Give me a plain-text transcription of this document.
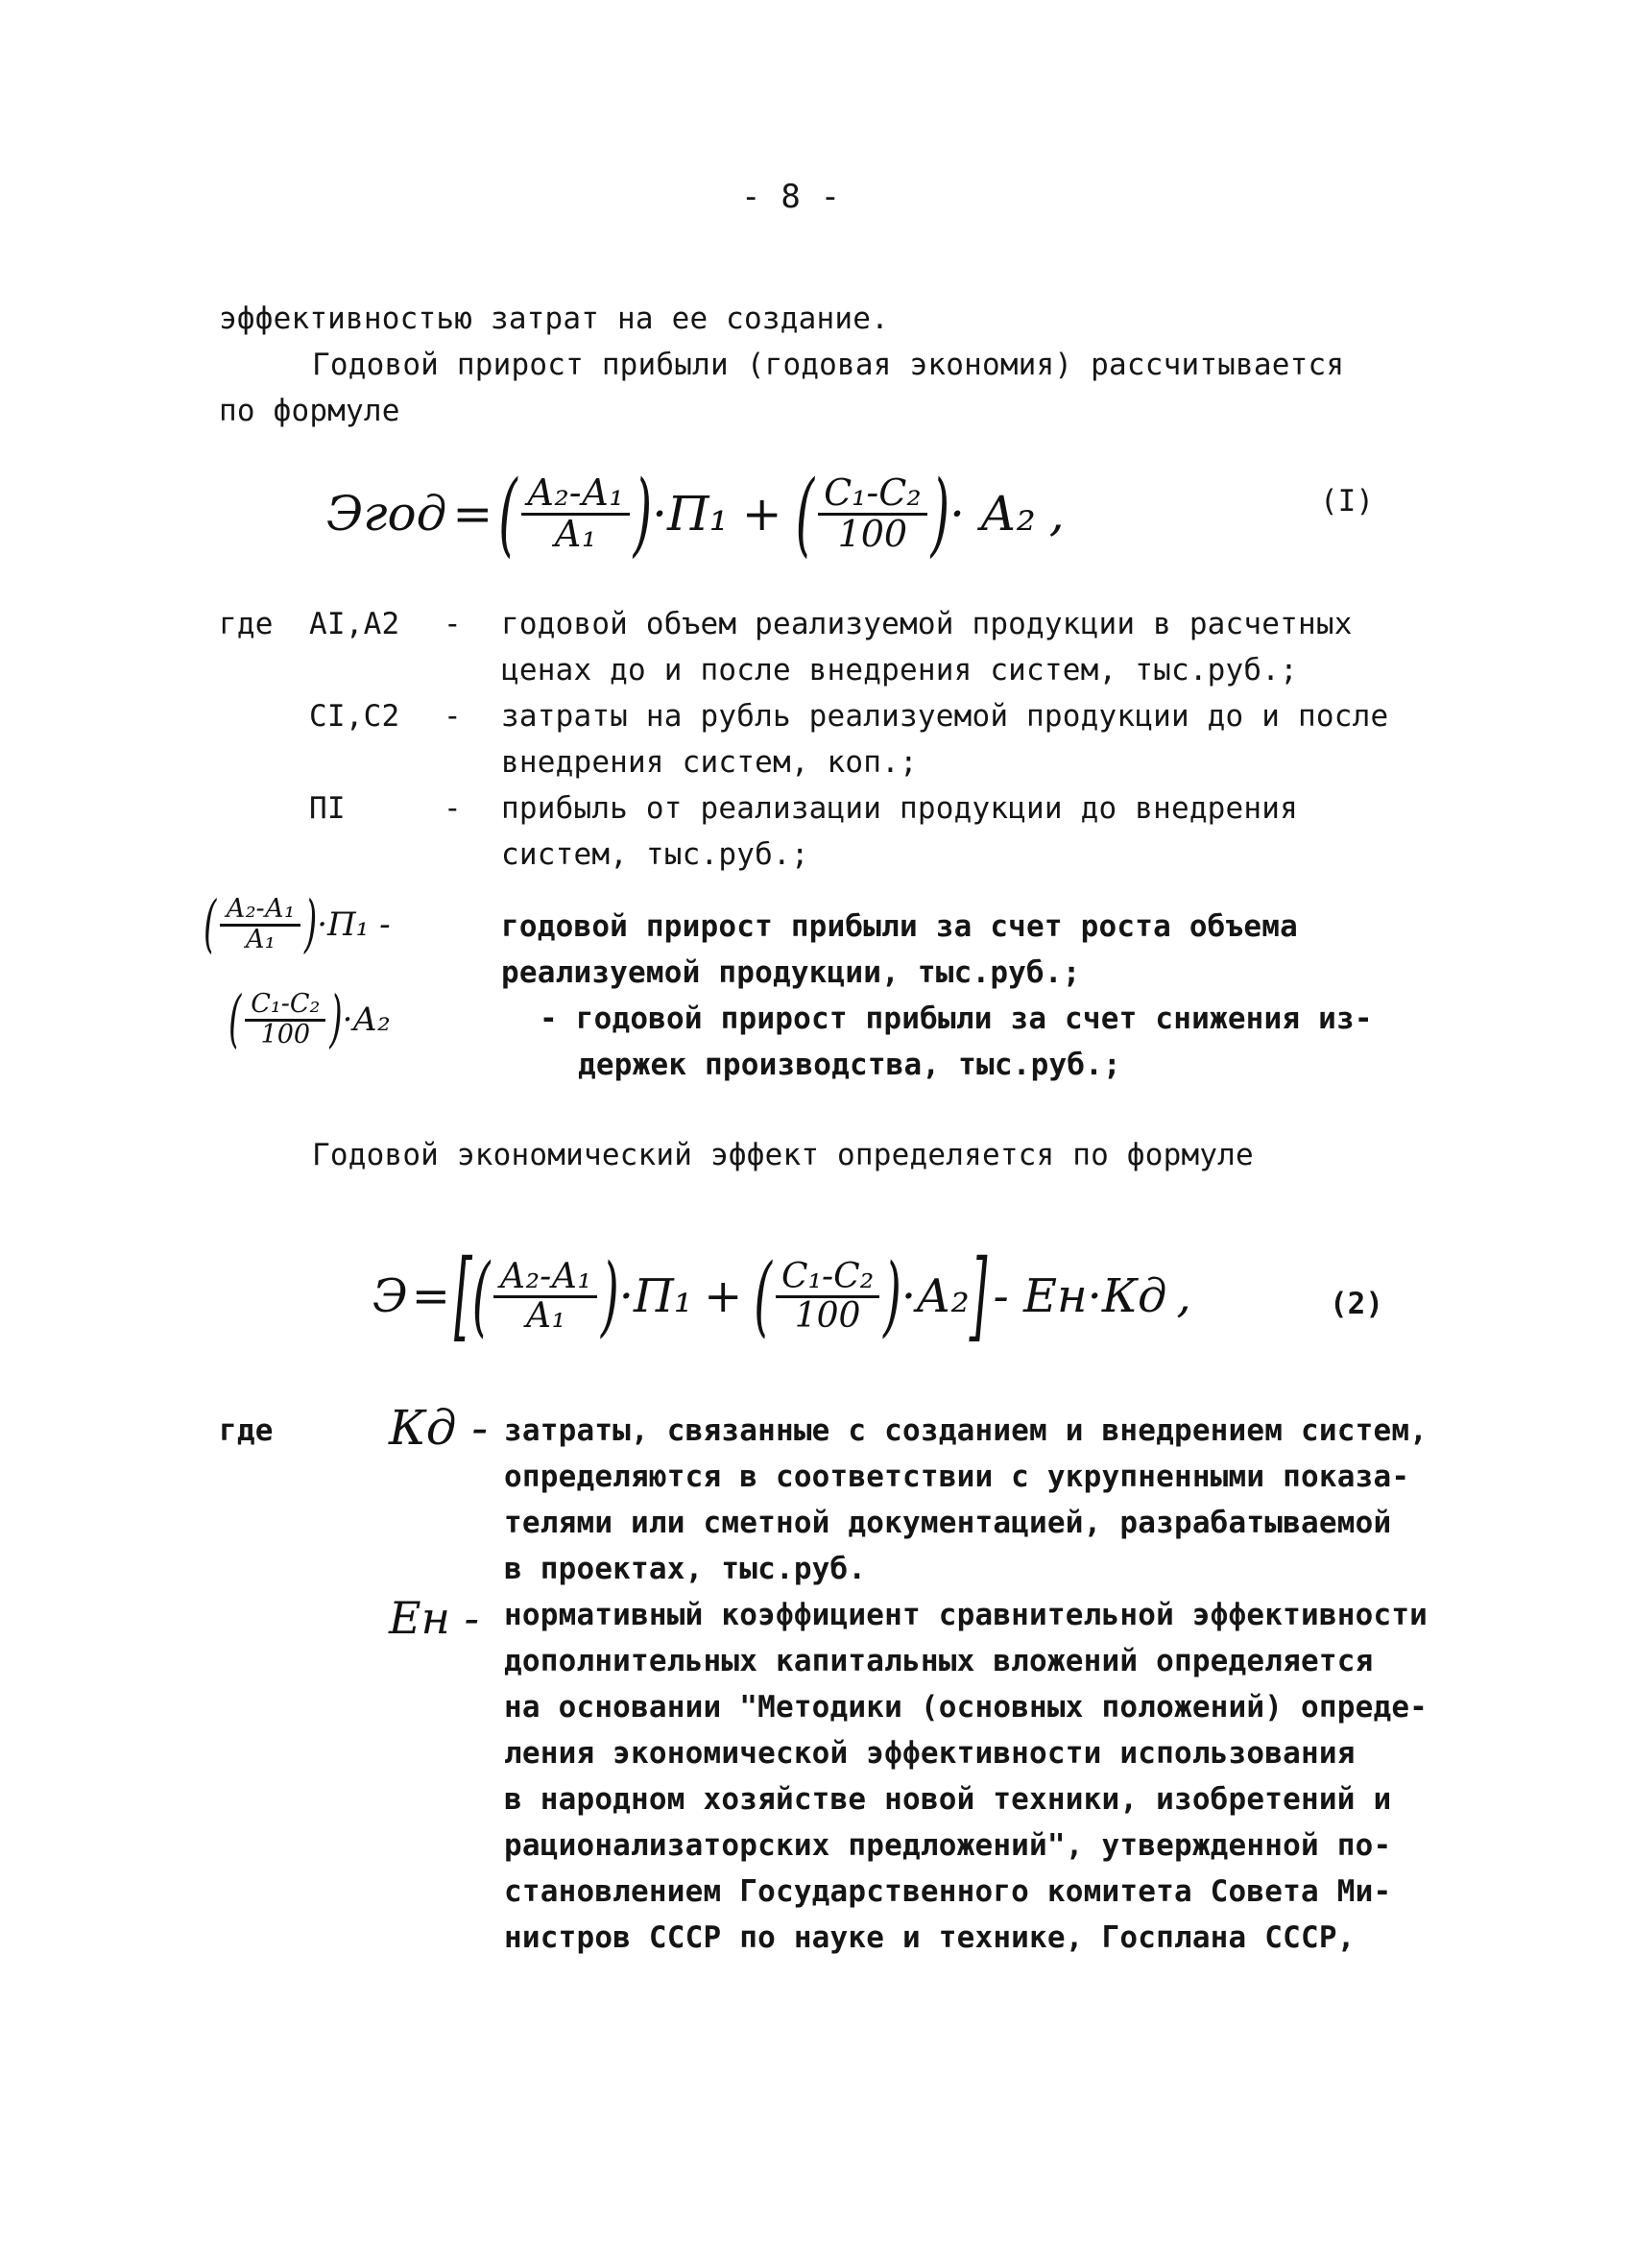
- 8 -
эффективностью затрат на ее создание.
Годовой прирост прибыли (годовая экономия) рассчитывается
по формуле
Эгод = ( $\frac{\text{А₂-А₁}}{\text{А₁}}$ ) ·П₁ + ( $\frac{\text{C₁-C₂}}{100}$ ) · А₂ ,	(I)
где АI,А2 - годовой объем реализуемой продукции в расчетных
ценах до и после внедрения систем, тыс.руб.;
СI,С2 - затраты на рубль реализуемой продукции до и после
внедрения систем, коп.;
ПI	- прибыль от реализации продукции до внедрения
систем, тыс.руб.;
( $\frac{\text{А₂-А₁}}{\text{А₁}}$ ) ·П₁ -	годовой прирост прибыли за счет роста объема
реализуемой продукции, тыс.руб.;
( $\frac{\text{C₁-C₂}}{100}$ ) ·А₂	- годовой прирост прибыли за счет снижения из-
держек производства, тыс.руб.;
Годовой экономический эффект определяется по формуле
Э = [ ( $\frac{\text{А₂-А₁}}{\text{А₁}}$ ) ·П₁ + ( $\frac{\text{C₁-C₂}}{100}$ ) ·А₂ ] - Ен·Кд ,	(2)
где Кд - затраты, связанные с созданием и внедрением систем,
определяются в соответствии с укрупненными показа-
телями или сметной документацией, разрабатываемой
в проектах, тыс.руб.
Ен - нормативный коэффициент сравнительной эффективности
дополнительных капитальных вложений определяется
на основании "Методики (основных положений) опреде-
ления экономической эффективности использования
в народном хозяйстве новой техники, изобретений и
рационализаторских предложений", утвержденной по-
становлением Государственного комитета Совета Ми-
нистров СССР по науке и технике, Госплана СССР,
